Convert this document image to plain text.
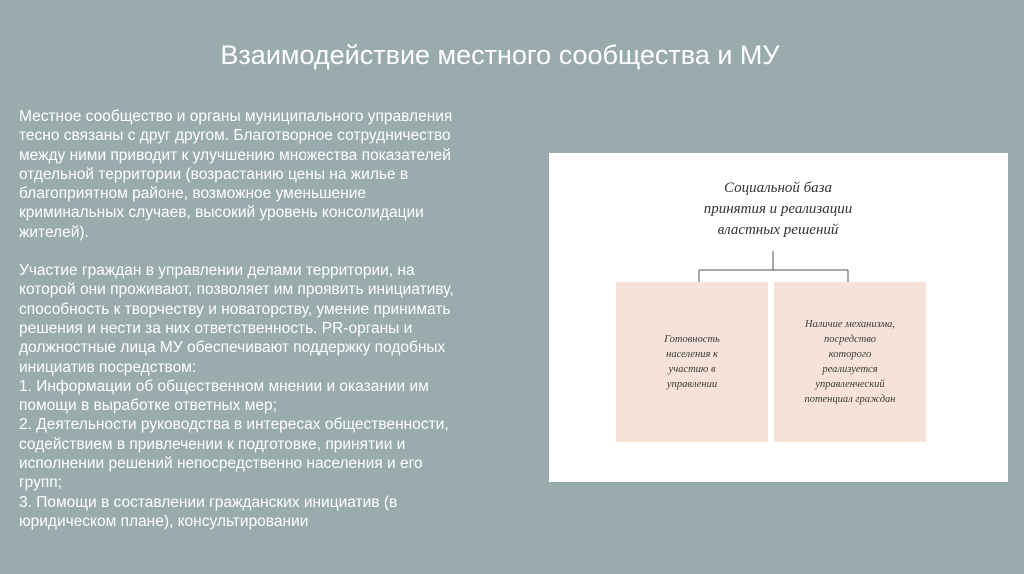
Взаимодействие местного сообщества и МУ

Местное сообщество и органы муниципального управления
тесно связаны с друг другом. Благотворное сотрудничество
между ними приводит к улучшению множества показателей
отдельной территории (возрастанию цены на жилье в
благоприятном районе, возможное уменьшение
криминальных случаев, высокий уровень консолидации
жителей).

Участие граждан в управлении делами территории, на
которой они проживают, позволяет им проявить инициативу,
способность к творчеству и новаторству, умение принимать
решения и нести за них ответственность. PR-органы и
должностные лица МУ обеспечивают поддержку подобных
инициатив посредством:
1. Информации об общественном мнении и оказании им
помощи в выработке ответных мер;
2. Деятельности руководства в интересах общественности,
содействием в привлечении к подготовке, принятии и
исполнении решений непосредственно населения и его
групп;
3. Помощи в составлении гражданских инициатив (в
юридическом плане), консультировании

Социальной база
принятия и реализации
властных решений
Готовность
населения к
участию в
управлении
Наличие механизма,
посредство
которого
реализуется
управленческий
потенциал граждан
